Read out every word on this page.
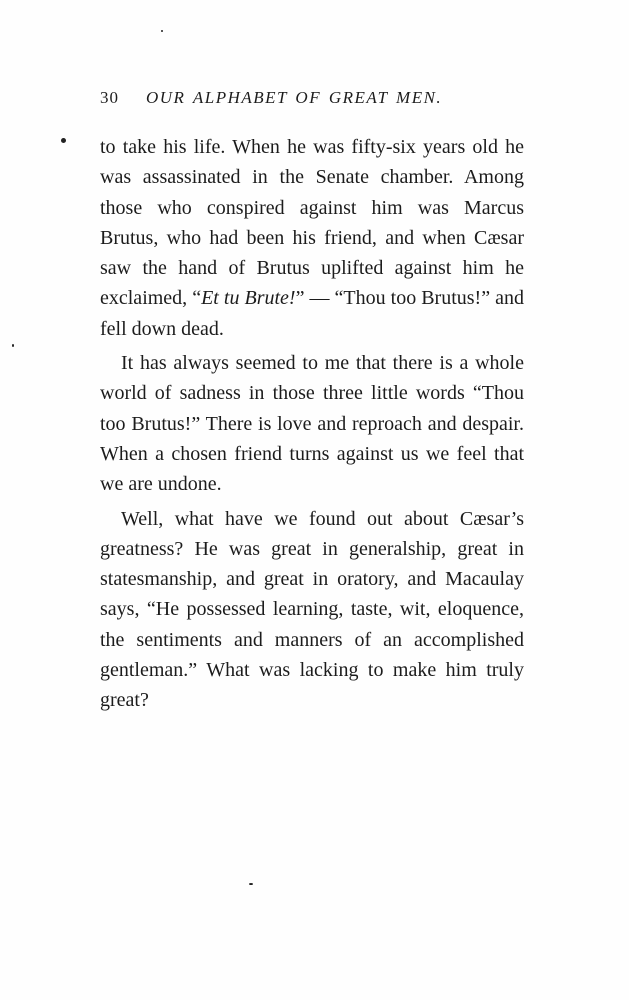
30 OUR ALPHABET OF GREAT MEN.

to take his life. When he was fifty-six years old he was assassinated in the Senate chamber. Among those who conspired against him was Marcus Brutus, who had been his friend, and when Cæsar saw the hand of Brutus uplifted against him he exclaimed, “Et tu Brute!” — “Thou too Brutus!” and fell down dead.

It has always seemed to me that there is a whole world of sadness in those three little words “Thou too Brutus!” There is love and reproach and despair. When a chosen friend turns against us we feel that we are undone.

Well, what have we found out about Cæsar’s greatness? He was great in generalship, great in statesmanship, and great in oratory, and Macaulay says, “He possessed learning, taste, wit, eloquence, the sentiments and manners of an accomplished gentleman.” What was lacking to make him truly great?
